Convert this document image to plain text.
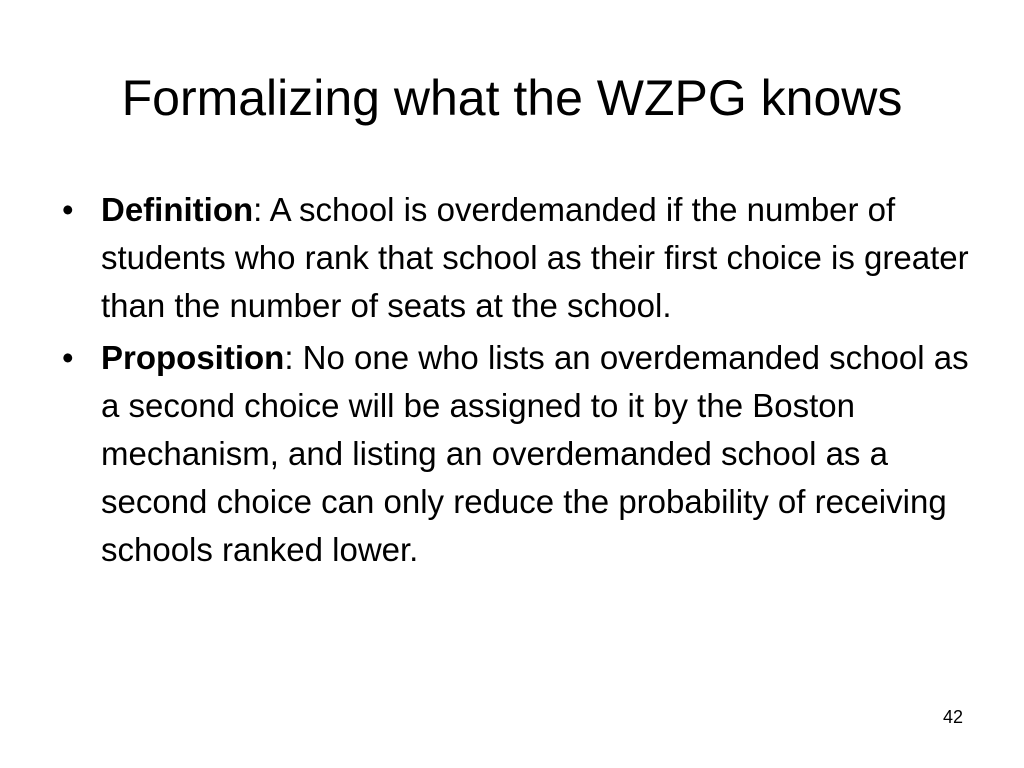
Formalizing what the WZPG knows
• Definition: A school is overdemanded if the number of students who rank that school as their first choice is greater than the number of seats at the school.
• Proposition: No one who lists an overdemanded school as a second choice will be assigned to it by the Boston mechanism, and listing an overdemanded school as a second choice can only reduce the probability of receiving schools ranked lower.
42
